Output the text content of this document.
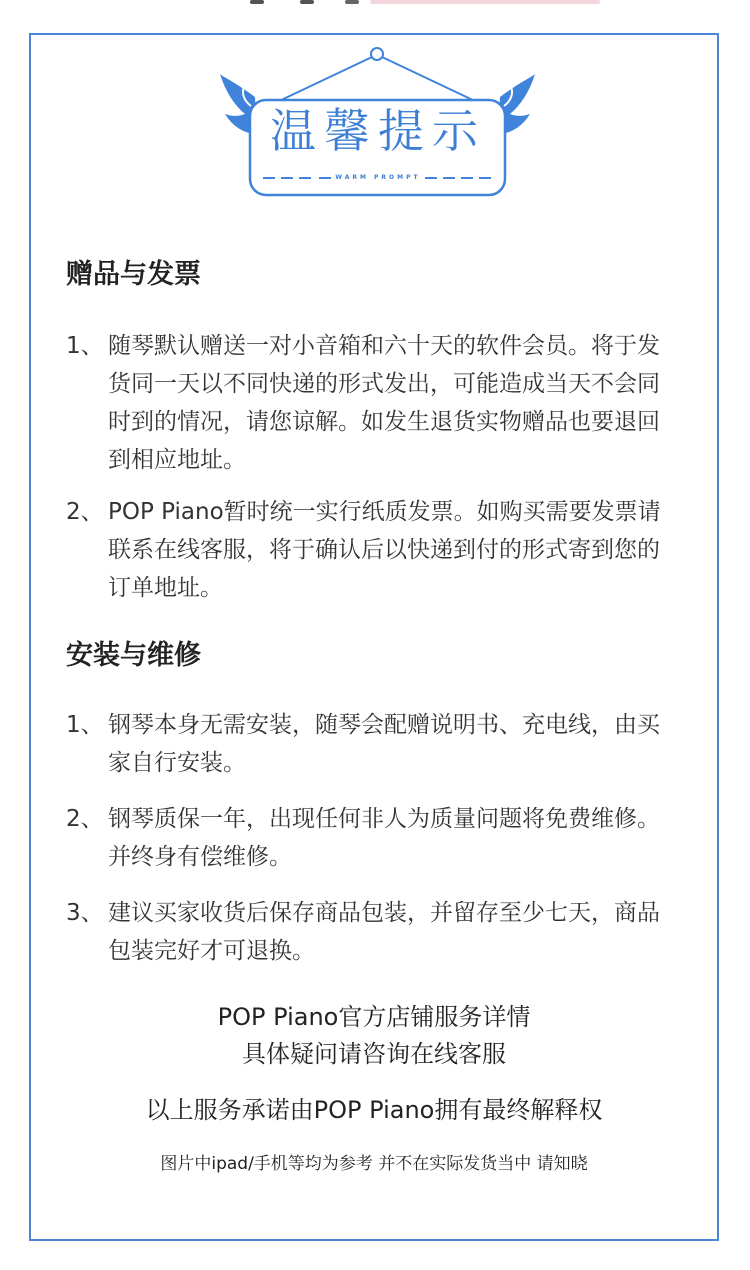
温馨提示
WARM PROMPT
赠品与发票
1、 随琴默认赠送一对小音箱和六十天的软件会员。将于发货同一天以不同快递的形式发出，可能造成当天不会同时到的情况，请您谅解。如发生退货实物赠品也要退回到相应地址。
2、 POP Piano暂时统一实行纸质发票。如购买需要发票请联系在线客服，将于确认后以快递到付的形式寄到您的订单地址。
安装与维修
1、 钢琴本身无需安装，随琴会配赠说明书、充电线，由买家自行安装。
2、 钢琴质保一年，出现任何非人为质量问题将免费维修。并终身有偿维修。
3、 建议买家收货后保存商品包装，并留存至少七天，商品包装完好才可退换。
POP Piano官方店铺服务详情
具体疑问请咨询在线客服
以上服务承诺由POP Piano拥有最终解释权
图片中ipad/手机等均为参考 并不在实际发货当中 请知晓
